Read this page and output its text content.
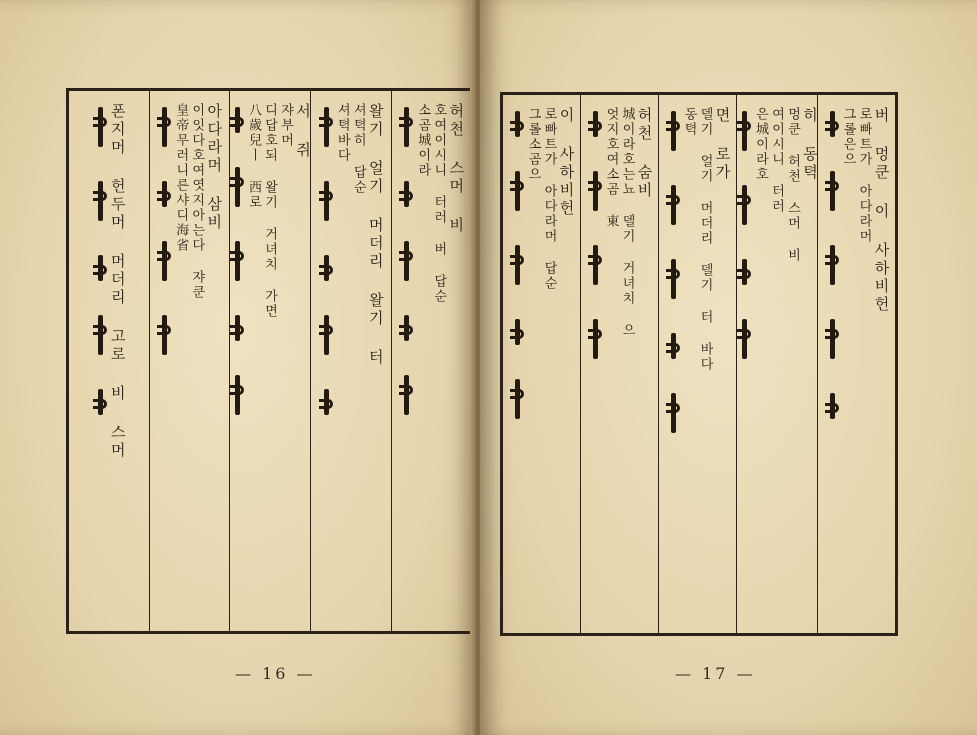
허천 스머 비
호여이시니 터러 버 답순
소곰城이라
왈기 얼기 머더리 왈기 터
셔텩히 답순
셔텩바다
서 쥐
쟈부머
디답호되 왈기 거녀치 가면
八歲兒ㅣ 西로
아다라머 삼비
이잇다호여엿지아는다 쟈쿤
皇帝무러니른샤디海省
폰지머 헌두머 머더리 고로 비 스머
— 16 —
버 멍쿤 이 사하비헌
로빠트가 아다라머
그롤은으
히 동텩
멍쿤 허천 스머 비
여이시니 터러
은城이라호
면 로가
델기 얼기 머더리 델기 터 바다
동텩
허천 숨비
城이라호는뇨 델기 거녀치 으
엇지호여소곰 東
이 사하비헌
로빠트가 아다라머 답순
그롤소곰으
— 17 —
